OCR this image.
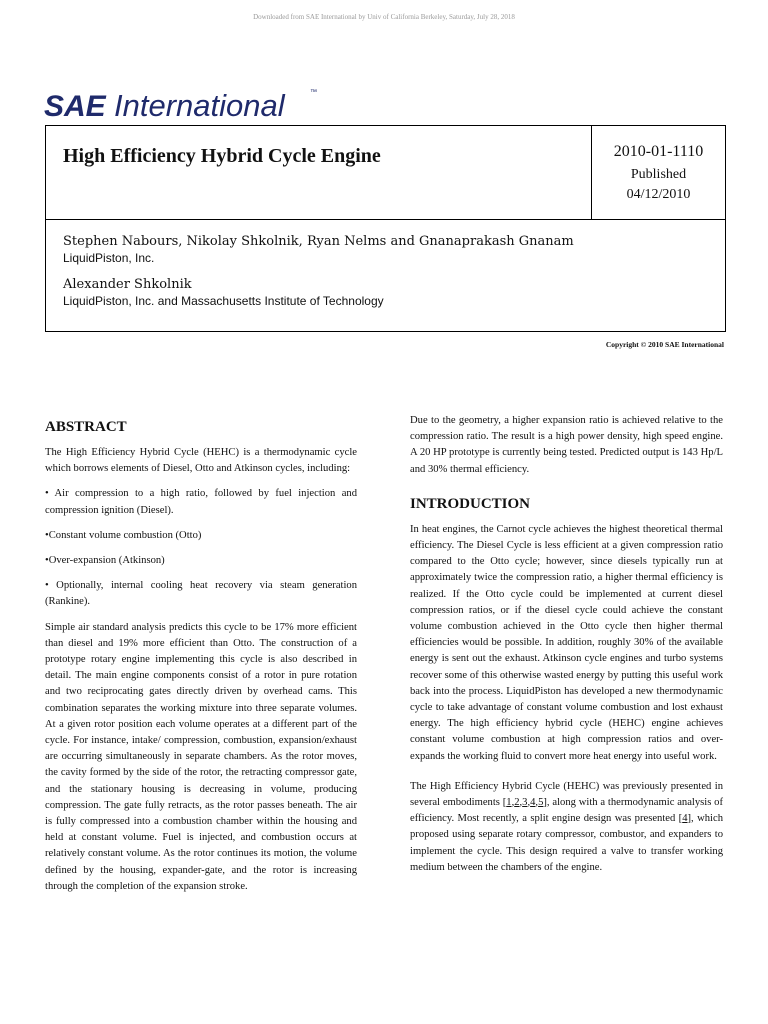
Downloaded from SAE International by Univ of California Berkeley, Saturday, July 28, 2018
SAE International	™
High Efficiency Hybrid Cycle Engine	2010-01-1110
Published
04/12/2010
Stephen Nabours, Nikolay Shkolnik, Ryan Nelms and Gnanaprakash Gnanam
LiquidPiston, Inc.
Alexander Shkolnik
LiquidPiston, Inc. and Massachusetts Institute of Technology
Copyright © 2010 SAE International
ABSTRACT

The High Efficiency Hybrid Cycle (HEHC) is a thermodynamic cycle which borrows elements of Diesel, Otto and Atkinson cycles, including:

• Air compression to a high ratio, followed by fuel injection and compression ignition (Diesel).

•Constant volume combustion (Otto)

•Over-expansion (Atkinson)

• Optionally, internal cooling heat recovery via steam generation (Rankine).

Simple air standard analysis predicts this cycle to be 17% more efficient than diesel and 19% more efficient than Otto. The construction of a prototype rotary engine implementing this cycle is also described in detail. The main engine components consist of a rotor in pure rotation and two reciprocating gates directly driven by overhead cams. This combination separates the working mixture into three separate volumes. At a given rotor position each volume operates at a different part of the cycle. For instance, intake/ compression, combustion, expansion/exhaust are occurring simultaneously in separate chambers. As the rotor moves, the cavity formed by the side of the rotor, the retracting compressor gate, and the stationary housing is decreasing in volume, producing compression. The gate fully retracts, as the rotor passes beneath. The air is fully compressed into a combustion chamber within the housing and held at constant volume. Fuel is injected, and combustion occurs at relatively constant volume. As the rotor continues its motion, the volume defined by the housing, expander-gate, and the rotor is increasing through the completion of the expansion stroke.

Due to the geometry, a higher expansion ratio is achieved relative to the compression ratio. The result is a high power density, high speed engine. A 20 HP prototype is currently being tested. Predicted output is 143 Hp/L and 30% thermal efficiency.

INTRODUCTION

In heat engines, the Carnot cycle achieves the highest theoretical thermal efficiency. The Diesel Cycle is less efficient at a given compression ratio compared to the Otto cycle; however, since diesels typically run at approximately twice the compression ratio, a higher thermal efficiency is realized. If the Otto cycle could be implemented at current diesel compression ratios, or if the diesel cycle could achieve the constant volume combustion achieved in the Otto cycle then higher thermal efficiencies would be possible. In addition, roughly 30% of the available energy is sent out the exhaust. Atkinson cycle engines and turbo systems recover some of this otherwise wasted energy by putting this useful work back into the process. LiquidPiston has developed a new thermodynamic cycle to take advantage of constant volume combustion and lost exhaust energy. The high efficiency hybrid cycle (HEHC) engine achieves constant volume combustion at high compression ratios and over-expands the working fluid to convert more heat energy into useful work.

The High Efficiency Hybrid Cycle (HEHC) was previously presented in several embodiments [1,2,3,4,5], along with a thermodynamic analysis of efficiency. Most recently, a split engine design was presented [4], which proposed using separate rotary compressor, combustor, and expanders to implement the cycle. This design required a valve to transfer working medium between the chambers of the engine.
